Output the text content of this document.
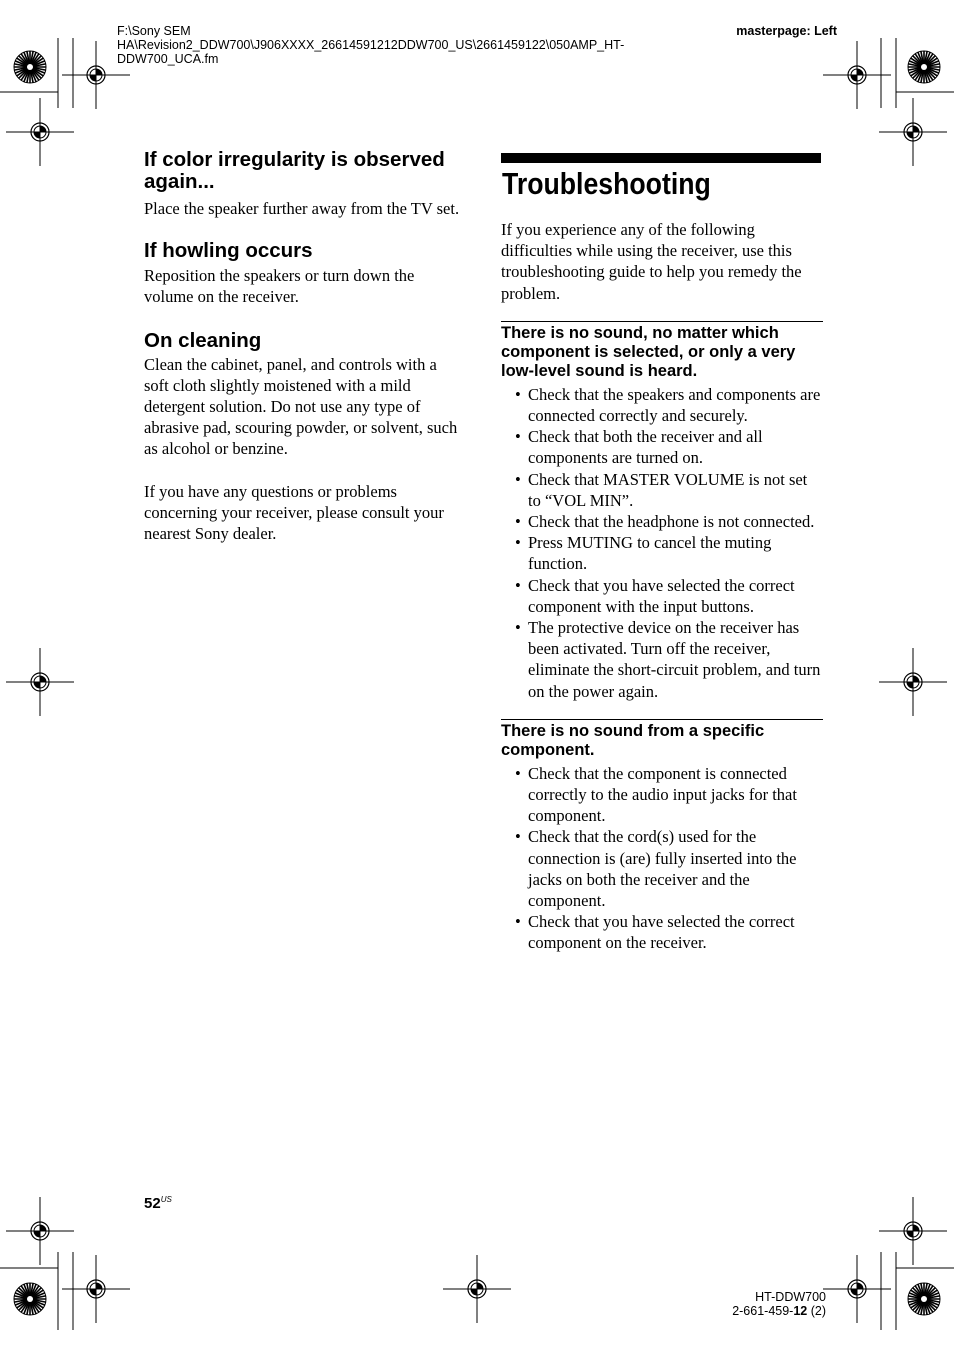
F:\Sony SEM
HA\Revision2_DDW700\J906XXXX_26614591212DDW700_US\2661459122\050AMP_HT-
DDW700_UCA.fm
masterpage: Left
If color irregularity is observed again...
Place the speaker further away from the TV set.
If howling occurs
Reposition the speakers or turn down the volume on the receiver.
On cleaning
Clean the cabinet, panel, and controls with a soft cloth slightly moistened with a mild detergent solution. Do not use any type of abrasive pad, scouring powder, or solvent, such as alcohol or benzine.
If you have any questions or problems concerning your receiver, please consult your nearest Sony dealer.
Troubleshooting
If you experience any of the following difficulties while using the receiver, use this troubleshooting guide to help you remedy the problem.
There is no sound, no matter which component is selected, or only a very low-level sound is heard.
• Check that the speakers and components are connected correctly and securely.
• Check that both the receiver and all components are turned on.
• Check that MASTER VOLUME is not set to “VOL MIN”.
• Check that the headphone is not connected.
• Press MUTING to cancel the muting function.
• Check that you have selected the correct component with the input buttons.
• The protective device on the receiver has been activated. Turn off the receiver, eliminate the short-circuit problem, and turn on the power again.
There is no sound from a specific component.
• Check that the component is connected correctly to the audio input jacks for that component.
• Check that the cord(s) used for the connection is (are) fully inserted into the jacks on both the receiver and the component.
• Check that you have selected the correct component on the receiver.
$52^{US}$
HT-DDW700
2-661-459-12 (2)
